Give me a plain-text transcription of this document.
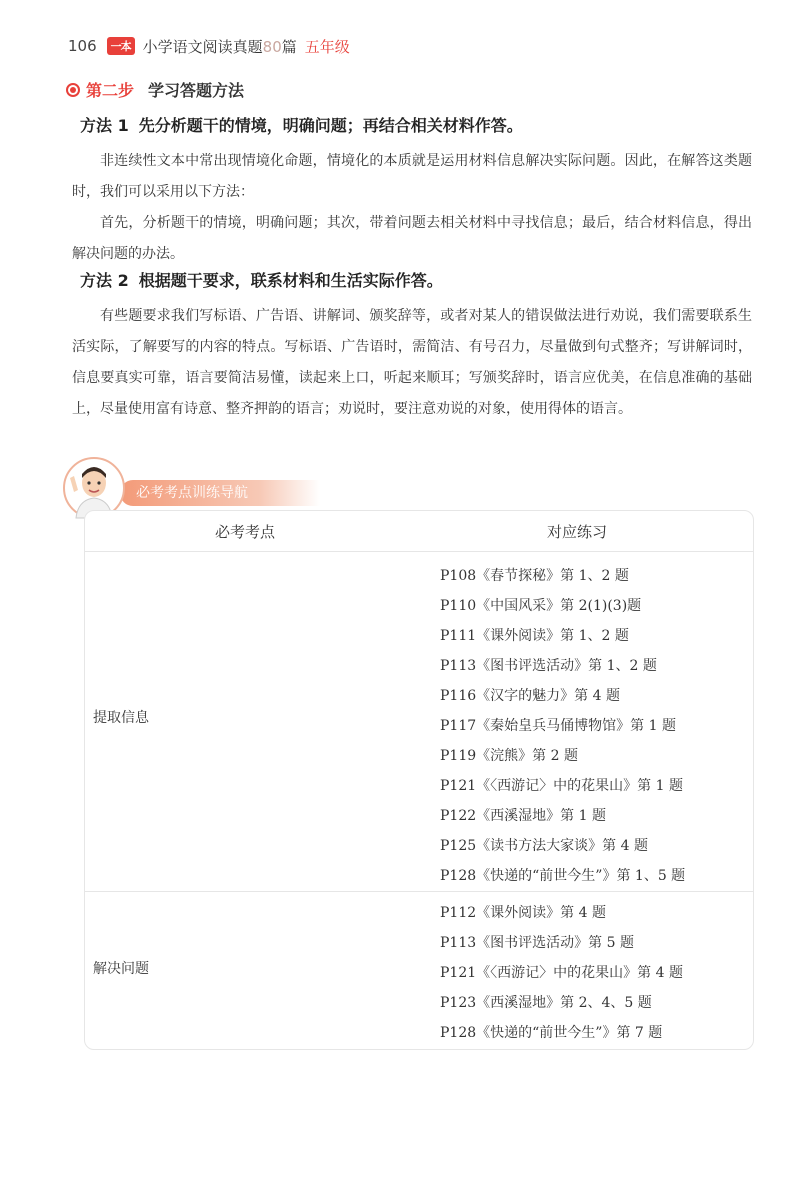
106	一本 小学语文阅读真题80篇 五年级
第二步 学习答题方法
方法 1 先分析题干的情境，明确问题；再结合相关材料作答。
非连续性文本中常出现情境化命题，情境化的本质就是运用材料信息解决实际问题。因此，在解答这类题时，我们可以采用以下方法：
首先，分析题干的情境，明确问题；其次，带着问题去相关材料中寻找信息；最后，结合材料信息，得出解决问题的办法。
方法 2 根据题干要求，联系材料和生活实际作答。
有些题要求我们写标语、广告语、讲解词、颁奖辞等，或者对某人的错误做法进行劝说，我们需要联系生活实际，了解要写的内容的特点。写标语、广告语时，需简洁、有号召力，尽量做到句式整齐；写讲解词时，信息要真实可靠，语言要简洁易懂，读起来上口，听起来顺耳；写颁奖辞时，语言应优美，在信息准确的基础上，尽量使用富有诗意、整齐押韵的语言；劝说时，要注意劝说的对象，使用得体的语言。
必考考点训练导航
必考考点	对应练习
提取信息
P108《春节探秘》第 1、2 题
P110《中国风采》第 2(1)(3)题
P111《课外阅读》第 1、2 题
P113《图书评选活动》第 1、2 题
P116《汉字的魅力》第 4 题
P117《秦始皇兵马俑博物馆》第 1 题
P119《浣熊》第 2 题
P121《〈西游记〉中的花果山》第 1 题
P122《西溪湿地》第 1 题
P125《读书方法大家谈》第 4 题
P128《快递的“前世今生”》第 1、5 题
解决问题
P112《课外阅读》第 4 题
P113《图书评选活动》第 5 题
P121《〈西游记〉中的花果山》第 4 题
P123《西溪湿地》第 2、4、5 题
P128《快递的“前世今生”》第 7 题
